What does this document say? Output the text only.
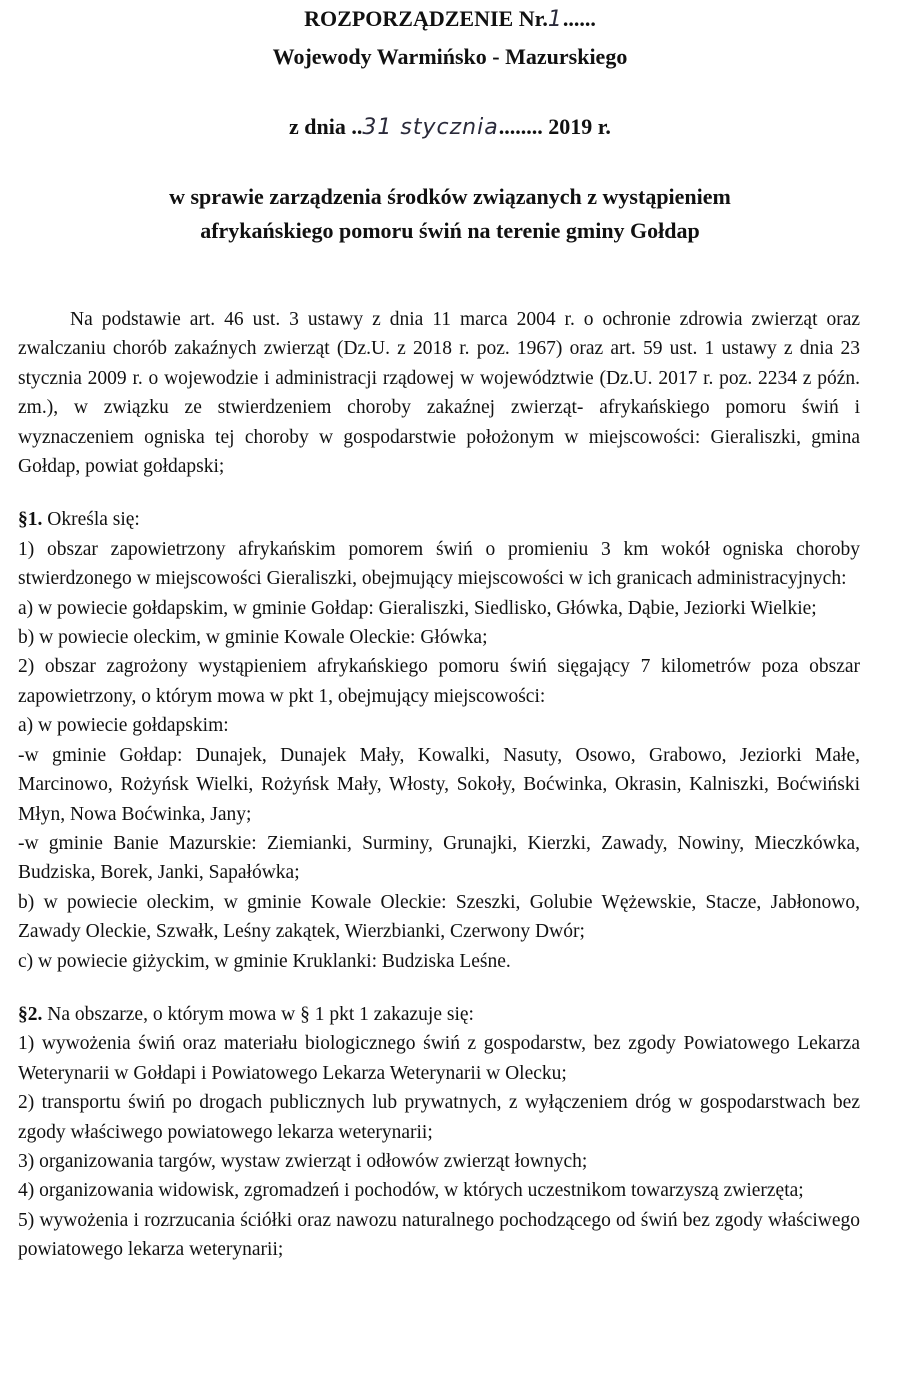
ROZPORZĄDZENIE Nr.1......
Wojewody Warmińsko - Mazurskiego
z dnia ..31 stycznia........ 2019 r.
w sprawie zarządzenia środków związanych z wystąpieniem
afrykańskiego pomoru świń na terenie gminy Gołdap

Na podstawie art. 46 ust. 3 ustawy z dnia 11 marca 2004 r. o ochronie zdrowia zwierząt oraz zwalczaniu chorób zakaźnych zwierząt (Dz.U. z 2018 r. poz. 1967) oraz art. 59 ust. 1 ustawy z dnia 23 stycznia 2009 r. o wojewodzie i administracji rządowej w województwie (Dz.U. 2017 r. poz. 2234 z późn. zm.), w związku ze stwierdzeniem choroby zakaźnej zwierząt- afrykańskiego pomoru świń i wyznaczeniem ogniska tej choroby w gospodarstwie położonym w miejscowości: Gieraliszki, gmina Gołdap, powiat gołdapski;

§1. Określa się:

1) obszar zapowietrzony afrykańskim pomorem świń o promieniu 3 km wokół ogniska choroby stwierdzonego w miejscowości Gieraliszki, obejmujący miejscowości w ich granicach administracyjnych:

a) w powiecie gołdapskim, w gminie Gołdap: Gieraliszki, Siedlisko, Główka, Dąbie, Jeziorki Wielkie;

b) w powiecie oleckim, w gminie Kowale Oleckie: Główka;

2) obszar zagrożony wystąpieniem afrykańskiego pomoru świń sięgający 7 kilometrów poza obszar zapowietrzony, o którym mowa w pkt 1, obejmujący miejscowości:

a) w powiecie gołdapskim:

-w gminie Gołdap: Dunajek, Dunajek Mały, Kowalki, Nasuty, Osowo, Grabowo, Jeziorki Małe, Marcinowo, Rożyńsk Wielki, Rożyńsk Mały, Włosty, Sokoły, Boćwinka, Okrasin, Kalniszki, Boćwiński Młyn, Nowa Boćwinka, Jany;

-w gminie Banie Mazurskie: Ziemianki, Surminy, Grunajki, Kierzki, Zawady, Nowiny, Mieczkówka, Budziska, Borek, Janki, Sapałówka;

b) w powiecie oleckim, w gminie Kowale Oleckie: Szeszki, Golubie Wężewskie, Stacze, Jabłonowo, Zawady Oleckie, Szwałk, Leśny zakątek, Wierzbianki, Czerwony Dwór;

c) w powiecie giżyckim, w gminie Kruklanki: Budziska Leśne.

§2. Na obszarze, o którym mowa w § 1 pkt 1 zakazuje się:

1) wywożenia świń oraz materiału biologicznego świń z gospodarstw, bez zgody Powiatowego Lekarza Weterynarii w Gołdapi i Powiatowego Lekarza Weterynarii w Olecku;

2) transportu świń po drogach publicznych lub prywatnych, z wyłączeniem dróg w gospodarstwach bez zgody właściwego powiatowego lekarza weterynarii;

3) organizowania targów, wystaw zwierząt i odłowów zwierząt łownych;

4) organizowania widowisk, zgromadzeń i pochodów, w których uczestnikom towarzyszą zwierzęta;

5) wywożenia i rozrzucania ściółki oraz nawozu naturalnego pochodzącego od świń bez zgody właściwego powiatowego lekarza weterynarii;
